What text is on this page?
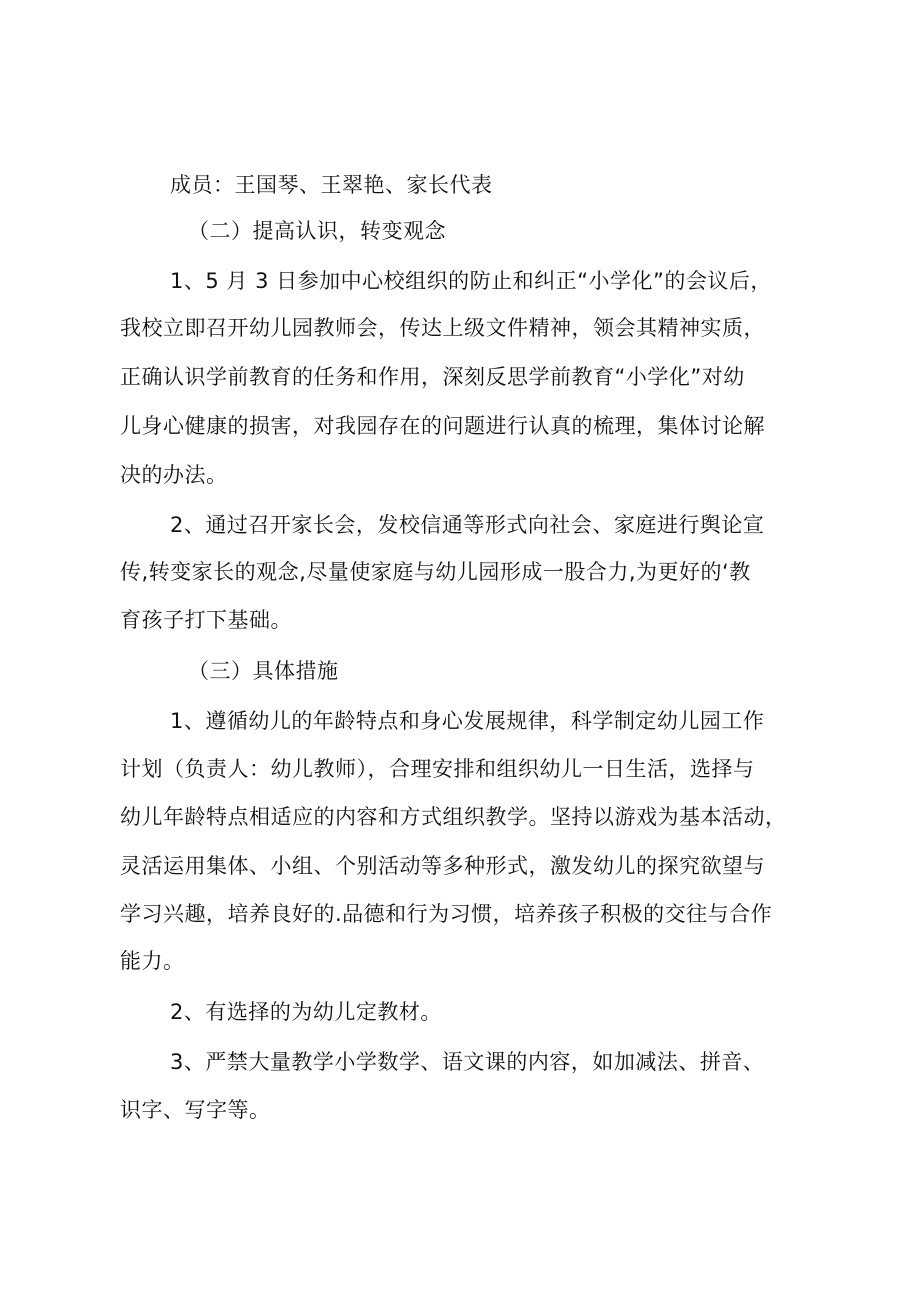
成员：王国琴、王翠艳、家长代表
（二）提高认识，转变观念
1、5 月 3 日参加中心校组织的防止和纠正“小学化”的会议后，
我校立即召开幼儿园教师会，传达上级文件精神，领会其精神实质，
正确认识学前教育的任务和作用，深刻反思学前教育“小学化”对幼
儿身心健康的损害，对我园存在的问题进行认真的梳理，集体讨论解
决的办法。
2、通过召开家长会，发校信通等形式向社会、家庭进行舆论宣
传,转变家长的观念,尽量使家庭与幼儿园形成一股合力,为更好的‘教
育孩子打下基础。
（三）具体措施
1、遵循幼儿的年龄特点和身心发展规律，科学制定幼儿园工作
计划（负责人：幼儿教师），合理安排和组织幼儿一日生活，选择与
幼儿年龄特点相适应的内容和方式组织教学。坚持以游戏为基本活动，
灵活运用集体、小组、个别活动等多种形式，激发幼儿的探究欲望与
学习兴趣，培养良好的.品德和行为习惯，培养孩子积极的交往与合作
能力。
2、有选择的为幼儿定教材。
3、严禁大量教学小学数学、语文课的内容，如加减法、拼音、
识字、写字等。
